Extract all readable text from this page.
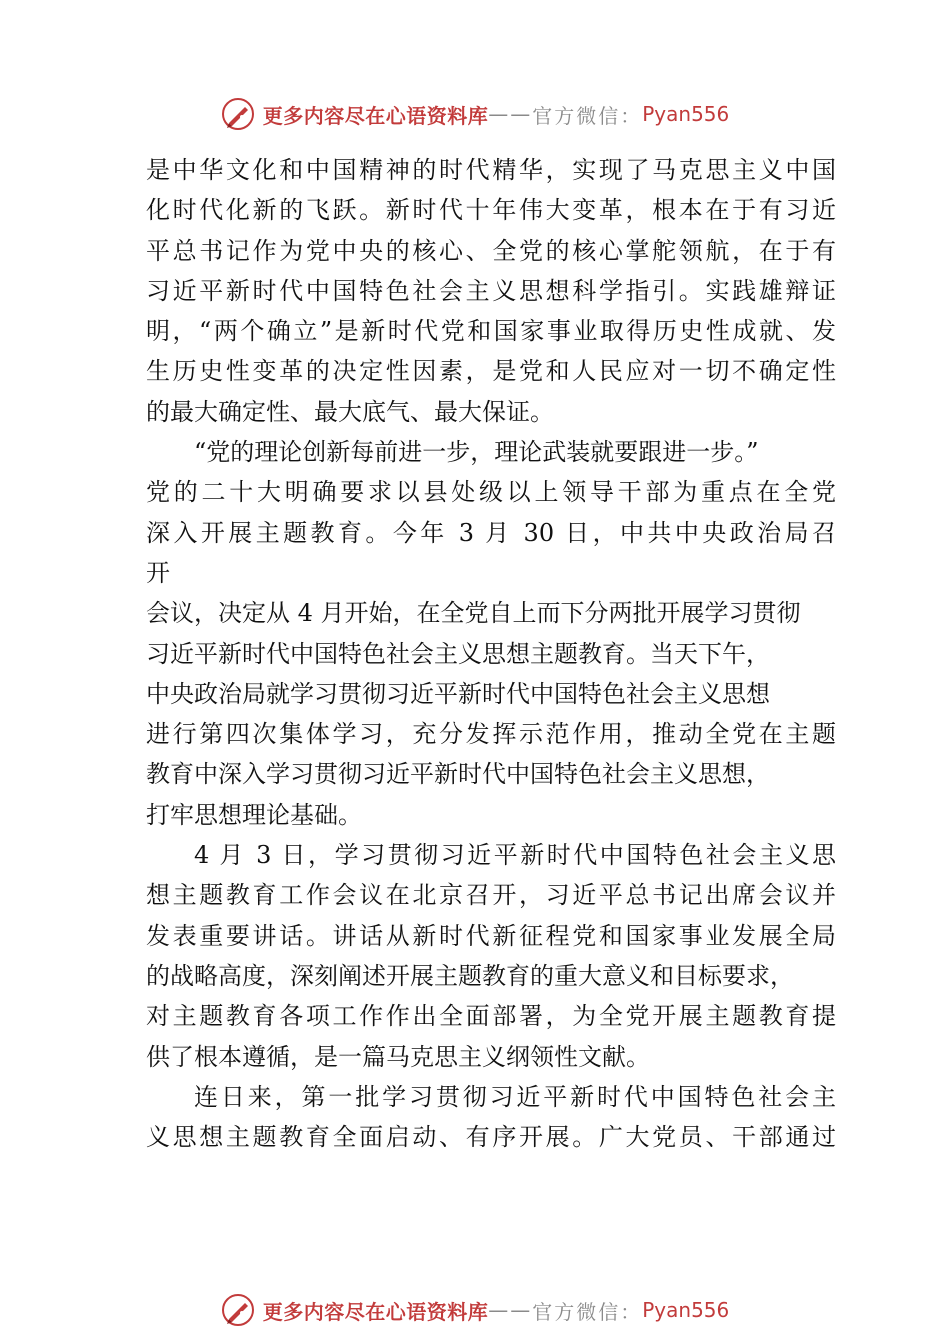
更多内容尽在心语资料库 —— 官方微信： Pyan556
是中华文化和中国精神的时代精华，实现了马克思主义中国
化时代化新的飞跃。新时代十年伟大变革，根本在于有习近
平总书记作为党中央的核心、全党的核心掌舵领航，在于有
习近平新时代中国特色社会主义思想科学指引。实践雄辩证
明，“两个确立”是新时代党和国家事业取得历史性成就、发
生历史性变革的决定性因素，是党和人民应对一切不确定性
的最大确定性、最大底气、最大保证。
“党的理论创新每前进一步，理论武装就要跟进一步。”
党的二十大明确要求以县处级以上领导干部为重点在全党
深入开展主题教育。今年 3 月 30 日，中共中央政治局召
开
会议，决定从 4 月开始，在全党自上而下分两批开展学习贯彻
习近平新时代中国特色社会主义思想主题教育。当天下午，
中央政治局就学习贯彻习近平新时代中国特色社会主义思想
进行第四次集体学习，充分发挥示范作用，推动全党在主题
教育中深入学习贯彻习近平新时代中国特色社会主义思想，
打牢思想理论基础。
4 月 3 日，学习贯彻习近平新时代中国特色社会主义思
想主题教育工作会议在北京召开，习近平总书记出席会议并
发表重要讲话。讲话从新时代新征程党和国家事业发展全局
的战略高度，深刻阐述开展主题教育的重大意义和目标要求，
对主题教育各项工作作出全面部署，为全党开展主题教育提
供了根本遵循，是一篇马克思主义纲领性文献。
连日来，第一批学习贯彻习近平新时代中国特色社会主
义思想主题教育全面启动、有序开展。广大党员、干部通过
更多内容尽在心语资料库 —— 官方微信： Pyan556
